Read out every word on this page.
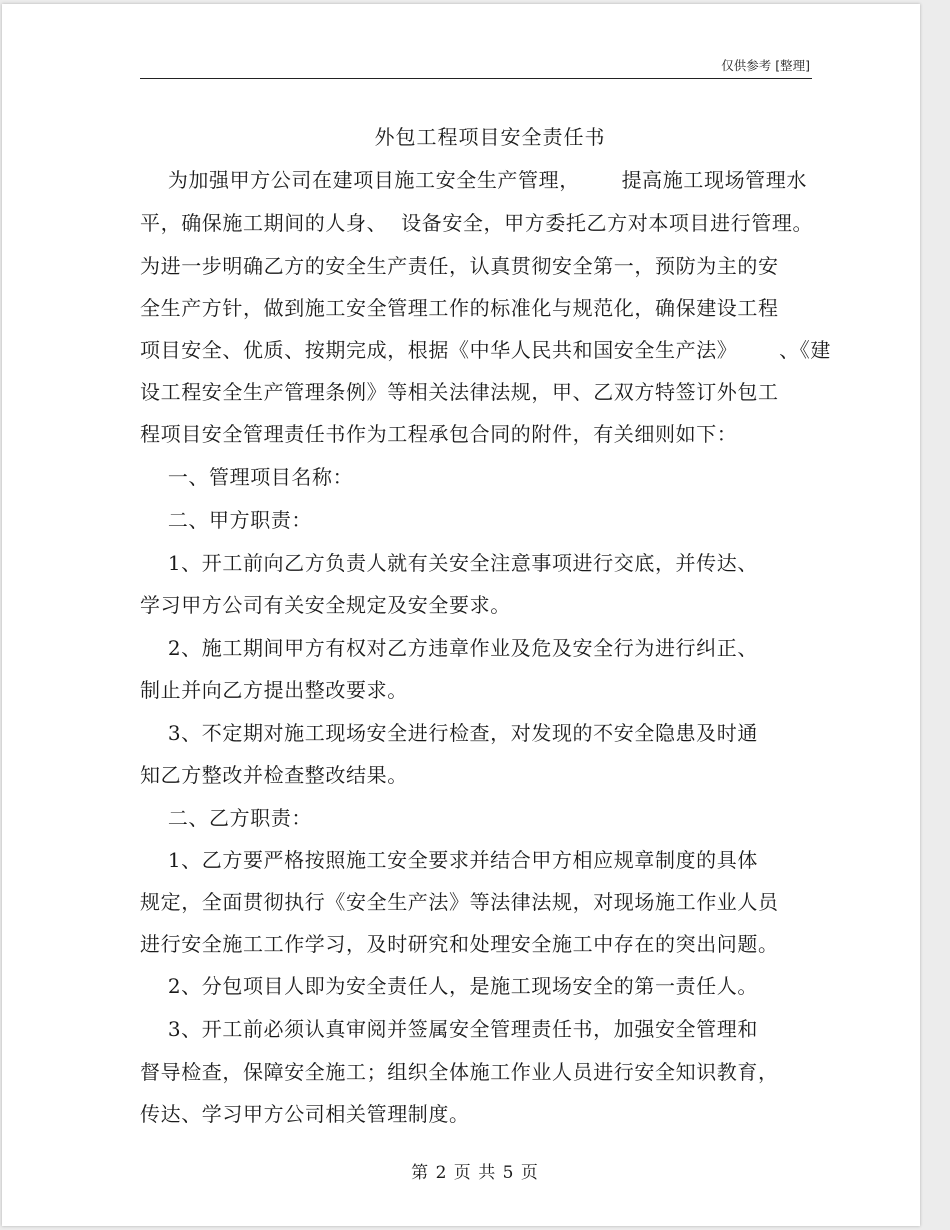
仅供参考 [整理]
外包工程项目安全责任书
为加强甲方公司在建项目施工安全生产管理，      提高施工现场管理水
平，确保施工期间的人身、  设备安全，甲方委托乙方对本项目进行管理。
为进一步明确乙方的安全生产责任，认真贯彻安全第一，预防为主的安
全生产方针，做到施工安全管理工作的标准化与规范化，确保建设工程
项目安全、优质、按期完成，根据《中华人民共和国安全生产法》      、《建
设工程安全生产管理条例》等相关法律法规，甲、乙双方特签订外包工
程项目安全管理责任书作为工程承包合同的附件，有关细则如下：
一、管理项目名称：
二、甲方职责：
1、开工前向乙方负责人就有关安全注意事项进行交底，并传达、
学习甲方公司有关安全规定及安全要求。
2、施工期间甲方有权对乙方违章作业及危及安全行为进行纠正、
制止并向乙方提出整改要求。
3、不定期对施工现场安全进行检查，对发现的不安全隐患及时通
知乙方整改并检查整改结果。
二、乙方职责：
1、乙方要严格按照施工安全要求并结合甲方相应规章制度的具体
规定，全面贯彻执行《安全生产法》等法律法规，对现场施工作业人员
进行安全施工工作学习，及时研究和处理安全施工中存在的突出问题。
2、分包项目人即为安全责任人，是施工现场安全的第一责任人。
3、开工前必须认真审阅并签属安全管理责任书，加强安全管理和
督导检查，保障安全施工；组织全体施工作业人员进行安全知识教育，
传达、学习甲方公司相关管理制度。
第 2 页 共 5 页
